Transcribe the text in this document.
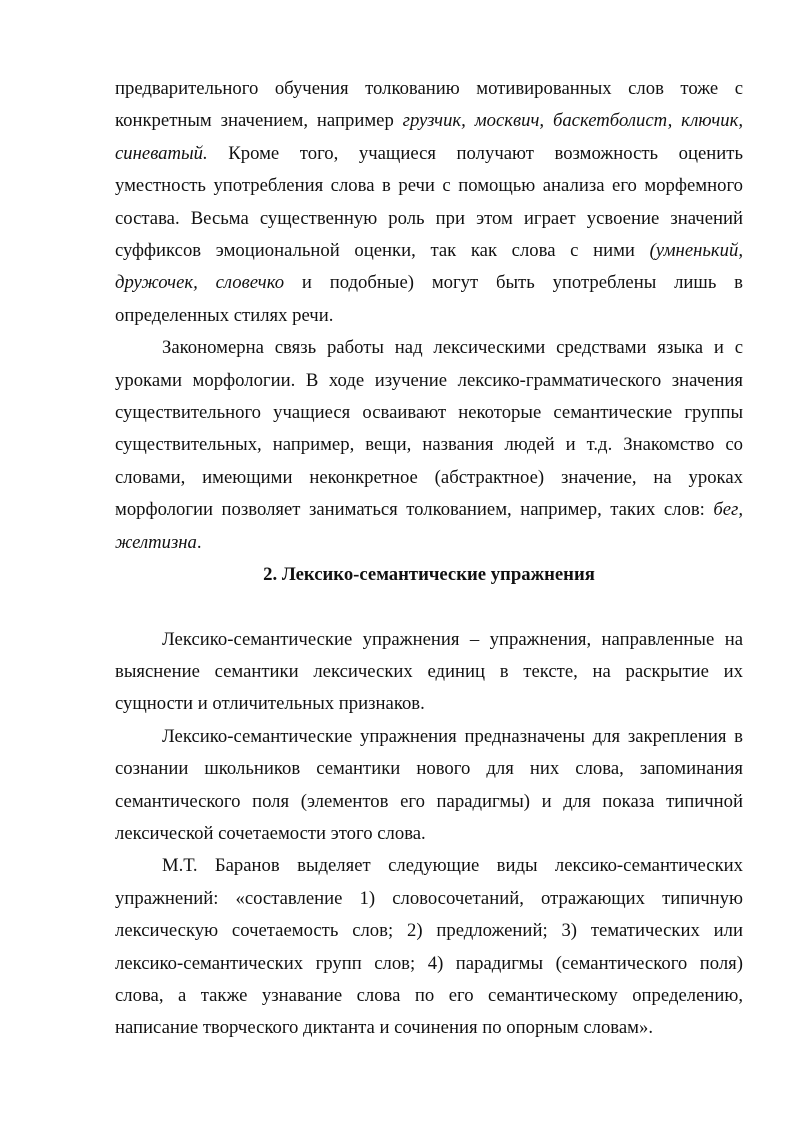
предварительного обучения толкованию мотивированных слов тоже с конкретным значением, например грузчик, москвич, баскетболист, ключик, синеватый. Кроме того, учащиеся получают возможность оценить уместность употребления слова в речи с помощью анализа его морфемного состава. Весьма существенную роль при этом играет усвоение значений суффиксов эмоциональной оценки, так как слова с ними (умненький, дружочек, словечко и подобные) могут быть употреблены лишь в определенных стилях речи.

Закономерна связь работы над лексическими средствами языка и с уроками морфологии. В ходе изучение лексико-грамматического значения существительного учащиеся осваивают некоторые семантические группы существительных, например, вещи, названия людей и т.д. Знакомство со словами, имеющими неконкретное (абстрактное) значение, на уроках морфологии позволяет заниматься толкованием, например, таких слов: бег, желтизна.

2. Лексико-семантические упражнения

Лексико-семантические упражнения – упражнения, направленные на выяснение семантики лексических единиц в тексте, на раскрытие их сущности и отличительных признаков.

Лексико-семантические упражнения предназначены для закрепления в сознании школьников семантики нового для них слова, запоминания семантического поля (элементов его парадигмы) и для показа типичной лексической сочетаемости этого слова.

М.Т. Баранов выделяет следующие виды лексико-семантических упражнений: «составление 1) словосочетаний, отражающих типичную лексическую сочетаемость слов; 2) предложений; 3) тематических или лексико-семантических групп слов; 4) парадигмы (семантического поля) слова, а также узнавание слова по его семантическому определению, написание творческого диктанта и сочинения по опорным словам».
